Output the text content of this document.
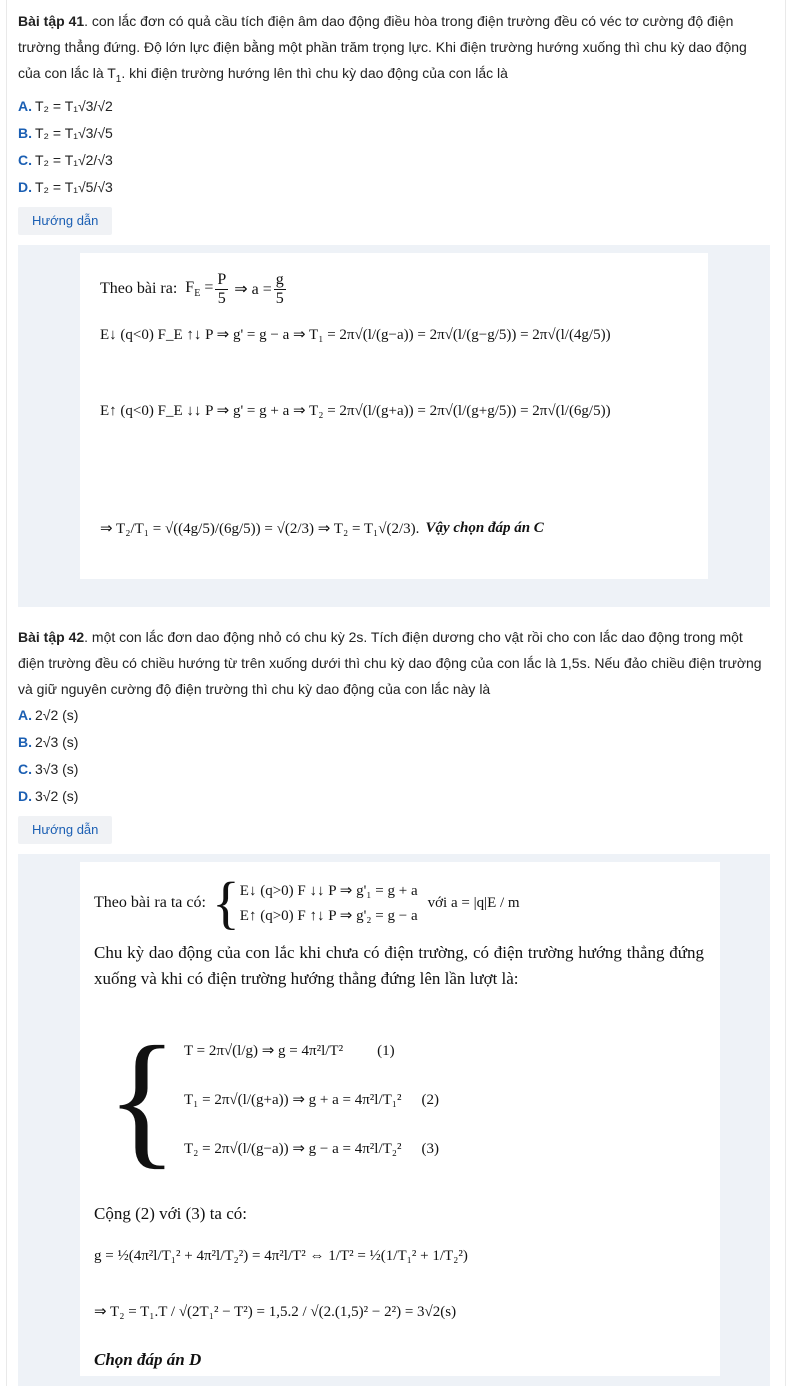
Bài tập 41. con lắc đơn có quả cầu tích điện âm dao động điều hòa trong điện trường đều có véc tơ cường độ điện trường thẳng đứng. Độ lớn lực điện bằng một phần trăm trọng lực. Khi điện trường hướng xuống thì chu kỳ dao động của con lắc là $T_1$. khi điện trường hướng lên thì chu kỳ dao động của con lắc là
A. T₂ = T₁√3/√2
B. T₂ = T₁√3/√5
C. T₂ = T₁√2/√3
D. T₂ = T₁√5/√3
Hướng dẫn
Theo bài ra: $F_E = \frac{P}{5}$ ⇒ $a = \frac{g}{5}$
E↓ (q<0) F_E ↑↓ P ⇒ g' = g − a ⇒ T₁ = 2π√(l/(g−a)) = 2π√(l/(g−g/5)) = 2π√(l/(4g/5))
E↑ (q<0) F_E ↓↓ P ⇒ g' = g + a ⇒ T₂ = 2π√(l/(g+a)) = 2π√(l/(g+g/5)) = 2π√(l/(6g/5))
⇒ T₂/T₁ = √((4g/5)/(6g/5)) = √(2/3) ⇒ T₂ = T₁√(2/3). Vậy chọn đáp án C
Bài tập 42. một con lắc đơn dao động nhỏ có chu kỳ 2s. Tích điện dương cho vật rồi cho con lắc dao động trong một điện trường đều có chiều hướng từ trên xuống dưới thì chu kỳ dao động của con lắc là 1,5s. Nếu đảo chiều điện trường và giữ nguyên cường độ điện trường thì chu kỳ dao động của con lắc này là
A. 2√2 (s)
B. 2√3 (s)
C. 3√3 (s)
D. 3√2 (s)
Hướng dẫn
Theo bài ra ta có: { E↓ (q>0) F ↓↓ P ⇒ g'₁ = g + a
E↑ (q>0) F ↑↓ P ⇒ g'₂ = g − a
với a = |q|E / m
Chu kỳ dao động của con lắc khi chưa có điện trường, có điện trường hướng thẳng đứng xuống và khi có điện trường hướng thẳng đứng lên lần lượt là:
{ T = 2π√(l/g) ⇒ g = 4π²l/T² (1)
T₁ = 2π√(l/(g+a)) ⇒ g + a = 4π²l/T₁² (2)
T₂ = 2π√(l/(g−a)) ⇒ g − a = 4π²l/T₂² (3)
Cộng (2) với (3) ta có:
g = ½(4π²l/T₁² + 4π²l/T₂²) = 4π²l/T² ⇔ 1/T² = ½(1/T₁² + 1/T₂²)
⇒ T₂ = T₁.T / √(2T₁² − T²) = 1,5.2 / √(2.(1,5)² − 2²) = 3√2(s)
Chọn đáp án D
